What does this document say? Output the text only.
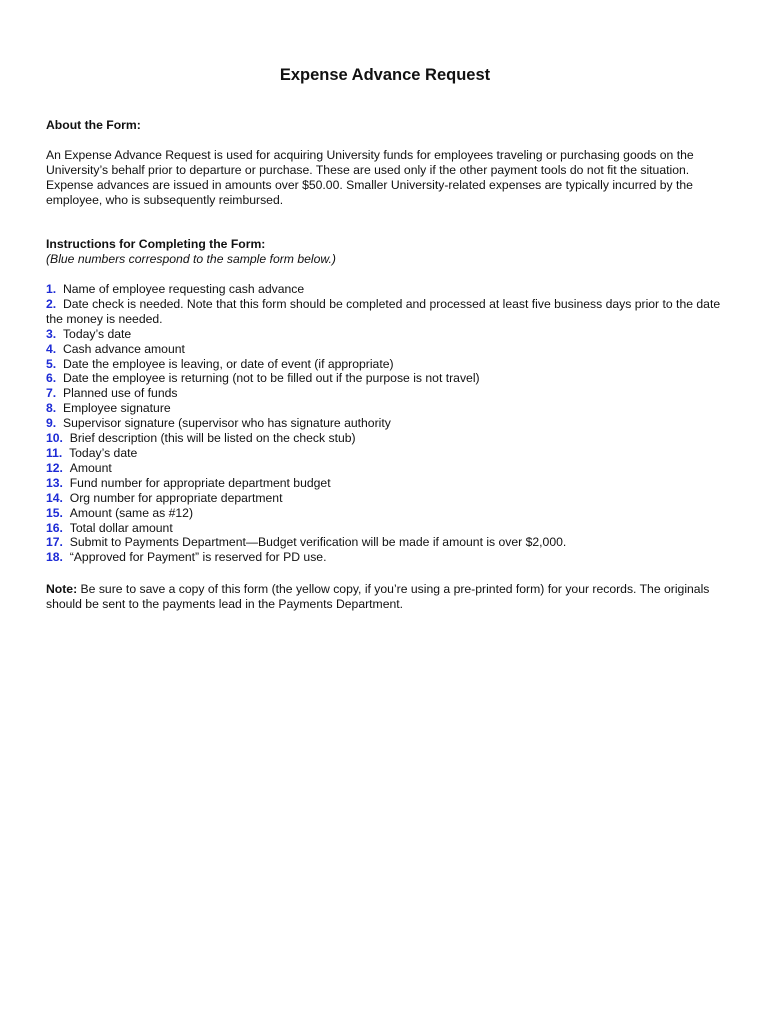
Expense Advance Request
About the Form:
An Expense Advance Request is used for acquiring University funds for employees traveling or purchasing goods on the University’s behalf prior to departure or purchase. These are used only if the other payment tools do not fit the situation. Expense advances are issued in amounts over $50.00. Smaller University-related expenses are typically incurred by the employee, who is subsequently reimbursed.
Instructions for Completing the Form:
(Blue numbers correspond to the sample form below.)
1. Name of employee requesting cash advance
2. Date check is needed. Note that this form should be completed and processed at least five business days prior to the date the money is needed.
3. Today’s date
4. Cash advance amount
5. Date the employee is leaving, or date of event (if appropriate)
6. Date the employee is returning (not to be filled out if the purpose is not travel)
7. Planned use of funds
8. Employee signature
9. Supervisor signature (supervisor who has signature authority
10. Brief description (this will be listed on the check stub)
11. Today’s date
12. Amount
13. Fund number for appropriate department budget
14. Org number for appropriate department
15. Amount (same as #12)
16. Total dollar amount
17. Submit to Payments Department—Budget verification will be made if amount is over $2,000.
18. “Approved for Payment” is reserved for PD use.
Note: Be sure to save a copy of this form (the yellow copy, if you’re using a pre-printed form) for your records. The originals should be sent to the payments lead in the Payments Department.
